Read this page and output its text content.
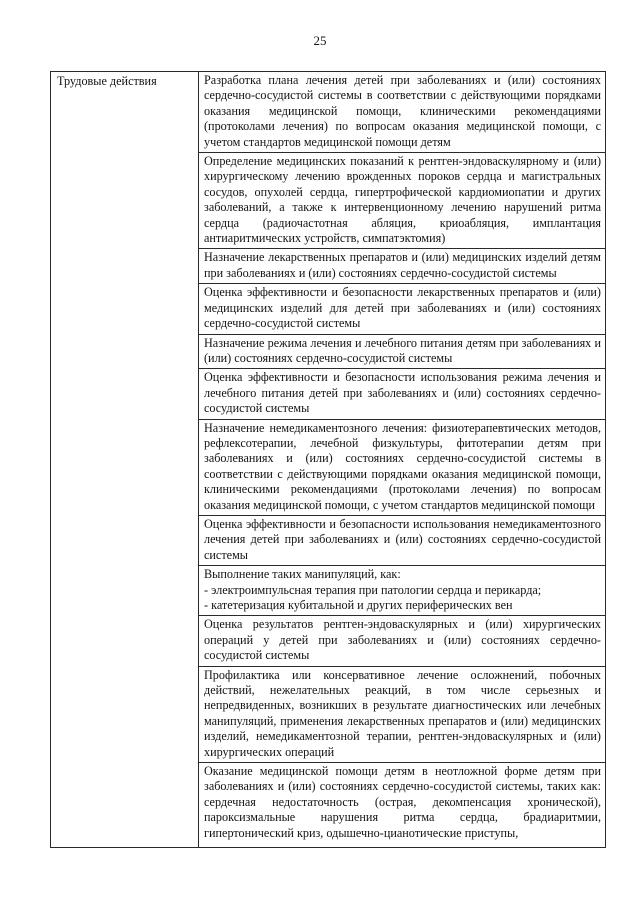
25
Трудовые действия	Разработка плана лечения детей при заболеваниях и (или) состояниях сердечно-сосудистой системы в соответствии с действующими порядками оказания медицинской помощи, клиническими рекомендациями (протоколами лечения) по вопросам оказания медицинской помощи, с учетом стандартов медицинской помощи детям
Определение медицинских показаний к рентген-эндоваскулярному и (или) хирургическому лечению врожденных пороков сердца и магистральных сосудов, опухолей сердца, гипертрофической кардиомиопатии и других заболеваний, а также к интервенционному лечению нарушений ритма сердца (радиочастотная абляция, криоабляция, имплантация антиаритмических устройств, симпатэктомия)
Назначение лекарственных препаратов и (или) медицинских изделий детям при заболеваниях и (или) состояниях сердечно-сосудистой системы
Оценка эффективности и безопасности лекарственных препаратов и (или) медицинских изделий для детей при заболеваниях и (или) состояниях сердечно-сосудистой системы
Назначение режима лечения и лечебного питания детям при заболеваниях и (или) состояниях сердечно-сосудистой системы
Оценка эффективности и безопасности использования режима лечения и лечебного питания детей при заболеваниях и (или) состояниях сердечно-сосудистой системы
Назначение немедикаментозного лечения: физиотерапевтических методов, рефлексотерапии, лечебной физкультуры, фитотерапии детям при заболеваниях и (или) состояниях сердечно-сосудистой системы в соответствии с действующими порядками оказания медицинской помощи, клиническими рекомендациями (протоколами лечения) по вопросам оказания медицинской помощи, с учетом стандартов медицинской помощи
Оценка эффективности и безопасности использования немедикаментозного лечения детей при заболеваниях и (или) состояниях сердечно-сосудистой системы
Выполнение таких манипуляций, как:
- электроимпульсная терапия при патологии сердца и перикарда;
- катетеризация кубитальной и других периферических вен
Оценка результатов рентген-эндоваскулярных и (или) хирургических операций у детей при заболеваниях и (или) состояниях сердечно-сосудистой системы
Профилактика или консервативное лечение осложнений, побочных действий, нежелательных реакций, в том числе серьезных и непредвиденных, возникших в результате диагностических или лечебных манипуляций, применения лекарственных препаратов и (или) медицинских изделий, немедикаментозной терапии, рентген-эндоваскулярных и (или) хирургических операций
Оказание медицинской помощи детям в неотложной форме детям при заболеваниях и (или) состояниях сердечно-сосудистой системы, таких как: сердечная недостаточность (острая, декомпенсация хронической), пароксизмальные нарушения ритма сердца, брадиаритмии, гипертонический криз, одышечно-цианотические приступы,
